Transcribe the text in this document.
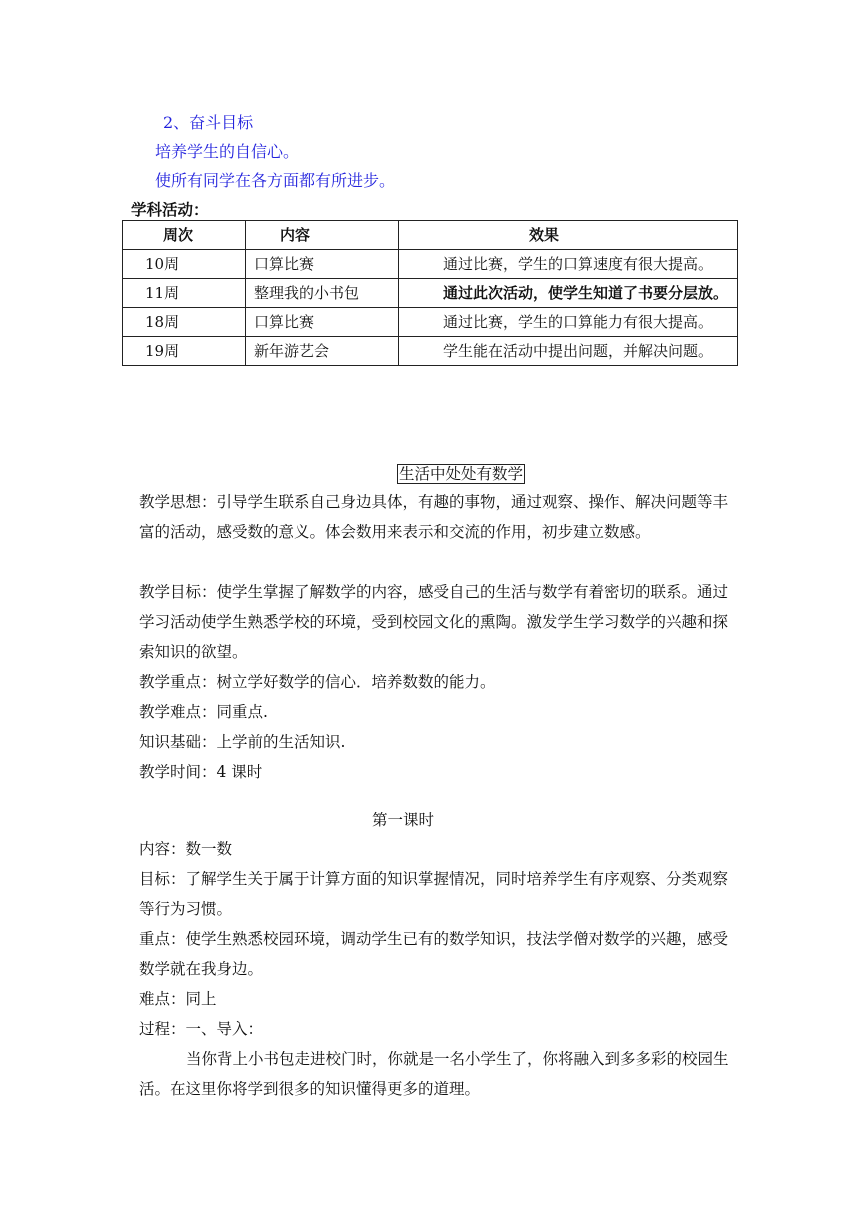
2、奋斗目标
培养学生的自信心。
使所有同学在各方面都有所进步。
学科活动：
周次	内容	效果
10周	口算比赛	通过比赛，学生的口算速度有很大提高。
11周	整理我的小书包	通过此次活动，使学生知道了书要分层放。
18周	口算比赛	通过比赛，学生的口算能力有很大提高。
19周	新年游艺会	学生能在活动中提出问题，并解决问题。
生活中处处有数学
教学思想：引导学生联系自己身边具体，有趣的事物，通过观察、操作、解决问题等丰富的活动，感受数的意义。体会数用来表示和交流的作用，初步建立数感。
教学目标：使学生掌握了解数学的内容，感受自己的生活与数学有着密切的联系。通过学习活动使学生熟悉学校的环境，受到校园文化的熏陶。激发学生学习数学的兴趣和探索知识的欲望。
教学重点：树立学好数学的信心．培养数数的能力。
教学难点：同重点.
知识基础：上学前的生活知识.
教学时间：4 课时
第一课时
内容：数一数
目标：了解学生关于属于计算方面的知识掌握情况，同时培养学生有序观察、分类观察等行为习惯。
重点：使学生熟悉校园环境，调动学生已有的数学知识，技法学僧对数学的兴趣，感受数学就在我身边。
难点：同上
过程：一、导入：
当你背上小书包走进校门时，你就是一名小学生了，你将融入到多多彩的校园生活。在这里你将学到很多的知识懂得更多的道理。
